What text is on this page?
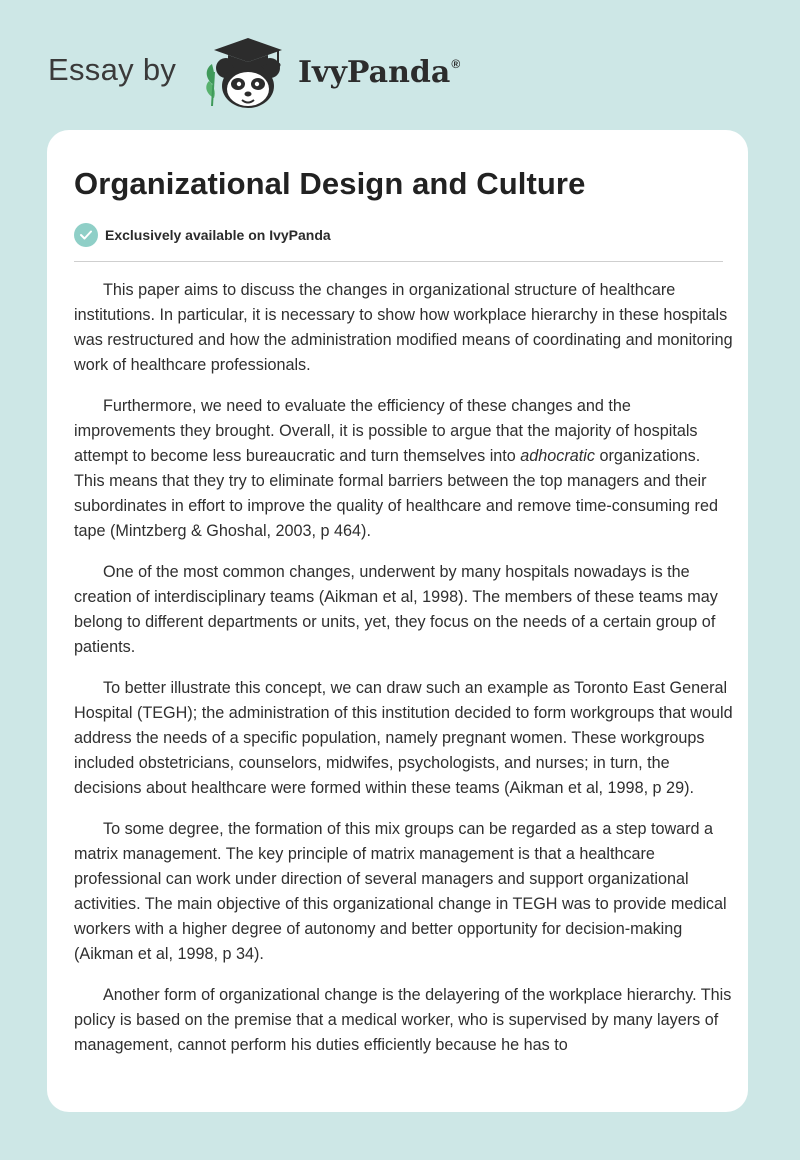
Essay by	IvyPanda®
Organizational Design and Culture
Exclusively available on IvyPanda

This paper aims to discuss the changes in organizational structure of healthcare institutions. In particular, it is necessary to show how workplace hierarchy in these hospitals was restructured and how the administration modified means of coordinating and monitoring work of healthcare professionals.

Furthermore, we need to evaluate the efficiency of these changes and the improvements they brought. Overall, it is possible to argue that the majority of hospitals attempt to become less bureaucratic and turn themselves into adhocratic organizations. This means that they try to eliminate formal barriers between the top managers and their subordinates in effort to improve the quality of healthcare and remove time-consuming red tape (Mintzberg & Ghoshal, 2003, p 464).

One of the most common changes, underwent by many hospitals nowadays is the creation of interdisciplinary teams (Aikman et al, 1998). The members of these teams may belong to different departments or units, yet, they focus on the needs of a certain group of patients.

To better illustrate this concept, we can draw such an example as Toronto East General Hospital (TEGH); the administration of this institution decided to form workgroups that would address the needs of a specific population, namely pregnant women. These workgroups included obstetricians, counselors, midwifes, psychologists, and nurses; in turn, the decisions about healthcare were formed within these teams (Aikman et al, 1998, p 29).

To some degree, the formation of this mix groups can be regarded as a step toward a matrix management. The key principle of matrix management is that a healthcare professional can work under direction of several managers and support organizational activities. The main objective of this organizational change in TEGH was to provide medical workers with a higher degree of autonomy and better opportunity for decision-making (Aikman et al, 1998, p 34).

Another form of organizational change is the delayering of the workplace hierarchy. This policy is based on the premise that a medical worker, who is supervised by many layers of management, cannot perform his duties efficiently because he has to
